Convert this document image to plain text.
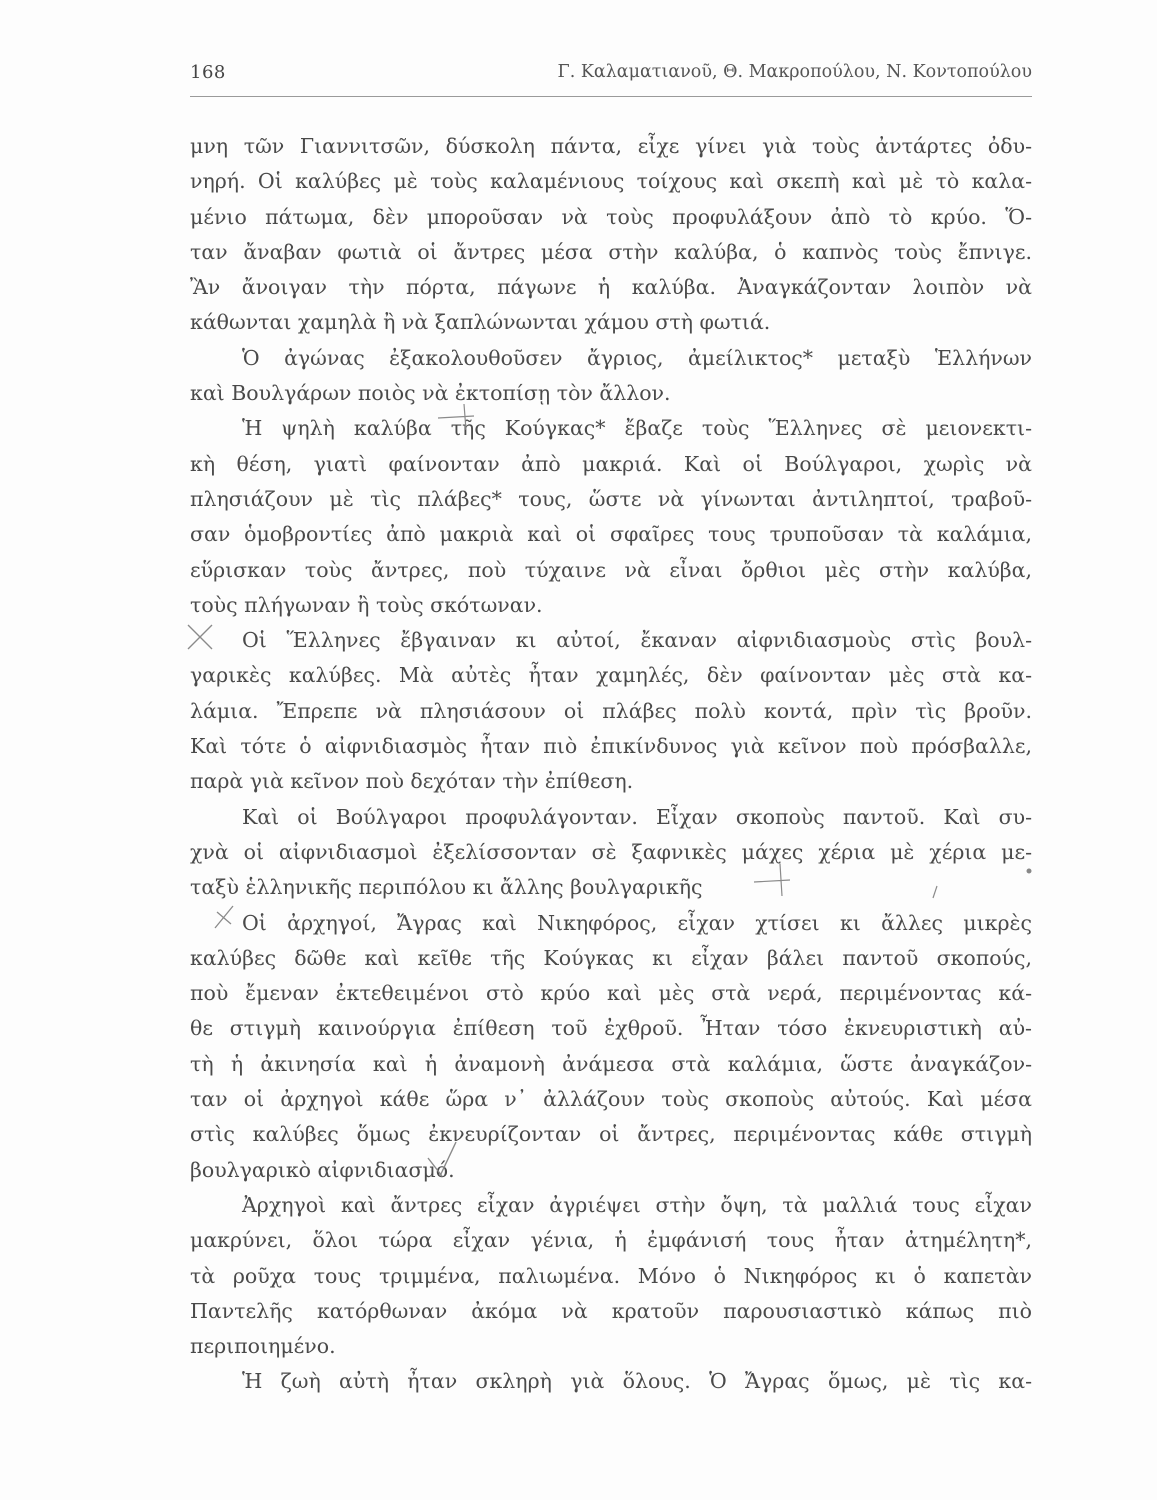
168	Γ. Καλαματιανοῦ, Θ. Μακροπούλου, Ν. Κοντοπούλου
μνη τῶν Γιαννιτσῶν, δύσκολη πάντα, εἶχε γίνει γιὰ τοὺς ἀντάρτες ὀδυ-
νηρή. Οἱ καλύβες μὲ τοὺς καλαμένιους τοίχους καὶ σκεπὴ καὶ μὲ τὸ καλα-
μένιο πάτωμα, δὲν μποροῦσαν νὰ τοὺς προφυλάξουν ἀπὸ τὸ κρύο. Ὅ-
ταν ἄναβαν φωτιὰ οἱ ἄντρες μέσα στὴν καλύβα, ὁ καπνὸς τοὺς ἔπνιγε.
Ἂν ἄνοιγαν τὴν πόρτα, πάγωνε ἡ καλύβα. Ἀναγκάζονταν λοιπὸν νὰ
κάθωνται χαμηλὰ ἢ νὰ ξαπλώνωνται χάμου στὴ φωτιά.
Ὁ ἀγώνας ἐξακολουθοῦσεν ἄγριος, ἀμείλικτος* μεταξὺ Ἑλλήνων
καὶ Βουλγάρων ποιὸς νὰ ἐκτοπίσῃ τὸν ἄλλον.
Ἡ ψηλὴ καλύβα τῆς Κούγκας* ἔβαζε τοὺς Ἕλληνες σὲ μειονεκτι-
κὴ θέση, γιατὶ φαίνονταν ἀπὸ μακριά. Καὶ οἱ Βούλγαροι, χωρὶς νὰ
πλησιάζουν μὲ τὶς πλάβες* τους, ὥστε νὰ γίνωνται ἀντιληπτοί, τραβοῦ-
σαν ὁμοβροντίες ἀπὸ μακριὰ καὶ οἱ σφαῖρες τους τρυποῦσαν τὰ καλάμια,
εὕρισκαν τοὺς ἄντρες, ποὺ τύχαινε νὰ εἶναι ὄρθιοι μὲς στὴν καλύβα,
τοὺς πλήγωναν ἢ τοὺς σκότωναν.
Οἱ Ἕλληνες ἔβγαιναν κι αὐτοί, ἔκαναν αἰφνιδιασμοὺς στὶς βουλ-
γαρικὲς καλύβες. Μὰ αὐτὲς ἦταν χαμηλές, δὲν φαίνονταν μὲς στὰ κα-
λάμια. Ἔπρεπε νὰ πλησιάσουν οἱ πλάβες πολὺ κοντά, πρὶν τὶς βροῦν.
Καὶ τότε ὁ αἰφνιδιασμὸς ἦταν πιὸ ἐπικίνδυνος γιὰ κεῖνον ποὺ πρόσβαλλε,
παρὰ γιὰ κεῖνον ποὺ δεχόταν τὴν ἐπίθεση.
Καὶ οἱ Βούλγαροι προφυλάγονταν. Εἶχαν σκοποὺς παντοῦ. Καὶ συ-
χνὰ οἱ αἰφνιδιασμοὶ ἐξελίσσονταν σὲ ξαφνικὲς μάχες χέρια μὲ χέρια με-
ταξὺ ἑλληνικῆς περιπόλου κι ἄλλης βουλγαρικῆς
Οἱ ἀρχηγοί, Ἄγρας καὶ Νικηφόρος, εἶχαν χτίσει κι ἄλλες μικρὲς
καλύβες δῶθε καὶ κεῖθε τῆς Κούγκας κι εἶχαν βάλει παντοῦ σκοπούς,
ποὺ ἔμεναν ἐκτεθειμένοι στὸ κρύο καὶ μὲς στὰ νερά, περιμένοντας κά-
θε στιγμὴ καινούργια ἐπίθεση τοῦ ἐχθροῦ. Ἦταν τόσο ἐκνευριστικὴ αὐ-
τὴ ἡ ἀκινησία καὶ ἡ ἀναμονὴ ἀνάμεσα στὰ καλάμια, ὥστε ἀναγκάζον-
ταν οἱ ἀρχηγοὶ κάθε ὥρα ν᾿ ἀλλάζουν τοὺς σκοποὺς αὐτούς. Καὶ μέσα
στὶς καλύβες ὅμως ἐκνευρίζονταν οἱ ἄντρες, περιμένοντας κάθε στιγμὴ
βουλγαρικὸ αἰφνιδιασμό.
Ἀρχηγοὶ καὶ ἄντρες εἶχαν ἀγριέψει στὴν ὄψη, τὰ μαλλιά τους εἶχαν
μακρύνει, ὅλοι τώρα εἶχαν γένια, ἡ ἐμφάνισή τους ἦταν ἀτημέλητη*,
τὰ ροῦχα τους τριμμένα, παλιωμένα. Μόνο ὁ Νικηφόρος κι ὁ καπετὰν
Παντελῆς κατόρθωναν ἀκόμα νὰ κρατοῦν παρουσιαστικὸ κάπως πιὸ
περιποιημένο.
Ἡ ζωὴ αὐτὴ ἦταν σκληρὴ γιὰ ὅλους. Ὁ Ἄγρας ὅμως, μὲ τὶς κα-
